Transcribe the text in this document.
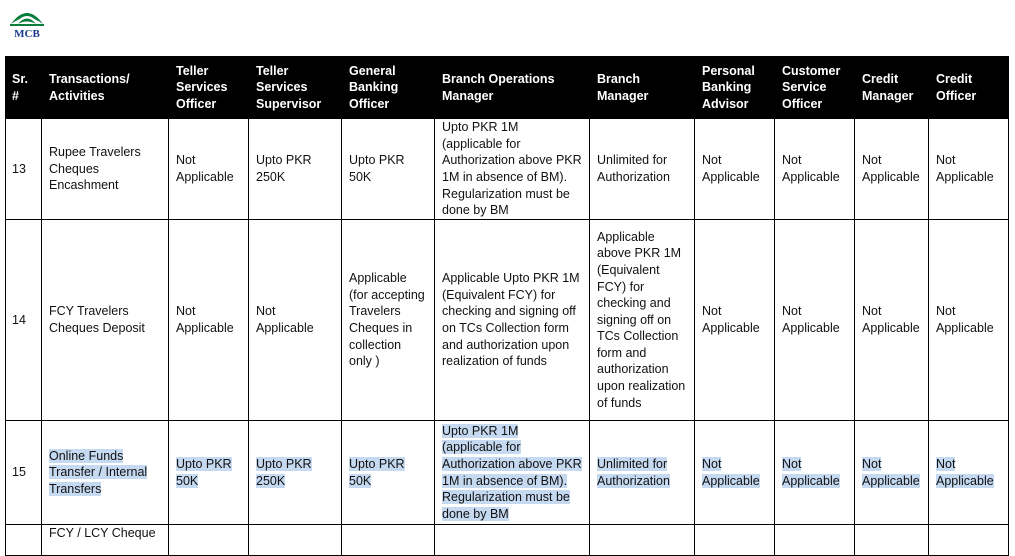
MCB
Sr. #	Transactions/ Activities	Teller Services Officer	Teller Services Supervisor	General Banking Officer	Branch Operations Manager	Branch Manager	Personal Banking Advisor	Customer Service Officer	Credit Manager	Credit Officer
13	Rupee Travelers Cheques Encashment	Not Applicable	Upto PKR 250K	Upto PKR 50K	Upto PKR 1M (applicable for Authorization above PKR 1M in absence of BM). Regularization must be done by BM	Unlimited for Authorization	Not Applicable	Not Applicable	Not Applicable	Not Applicable
14	FCY Travelers Cheques Deposit	Not Applicable	Not Applicable	Applicable (for accepting Travelers Cheques in collection only )	Applicable Upto PKR 1M (Equivalent FCY) for checking and signing off on TCs Collection form and authorization upon realization of funds	Applicable above PKR 1M (Equivalent FCY) for checking and signing off on TCs Collection form and authorization upon realization of funds	Not Applicable	Not Applicable	Not Applicable	Not Applicable
15	Online Funds Transfer / Internal Transfers	Upto PKR 50K	Upto PKR 250K	Upto PKR 50K	Upto PKR 1M (applicable for Authorization above PKR 1M in absence of BM). Regularization must be done by BM	Unlimited for Authorization	Not Applicable	Not Applicable	Not Applicable	Not Applicable
	FCY / LCY Cheque									
